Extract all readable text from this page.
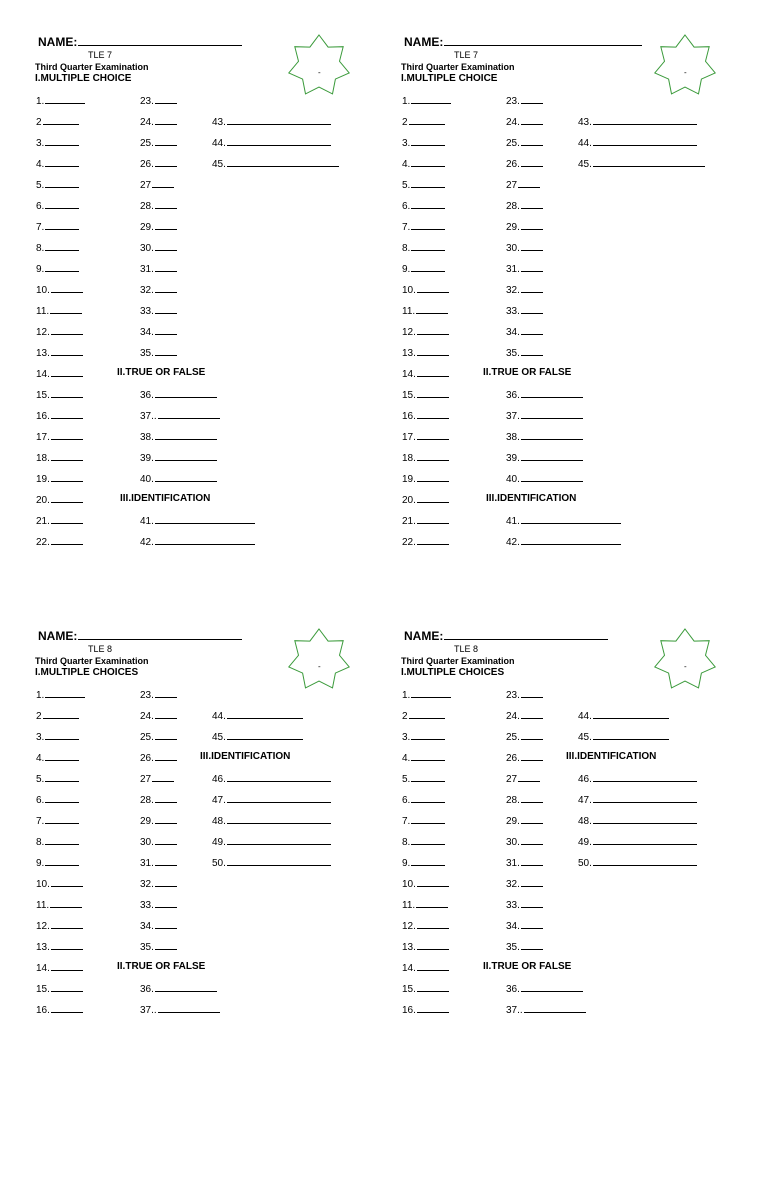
NAME:
TLE 7
Third Quarter Examination
I.MULTIPLE CHOICE
-
1.
2
3.
4.
5.
6.
7.
8.
9.
10.
11.
12.
13.
14.
15.
16.
17.
18.
19.
20.
21.
22.
23.
24.
25.
26.
27
28.
29.
30.
31.
32.
33.
34.
35.
II.TRUE OR FALSE
36.
37..
38.
39.
40.
III.IDENTIFICATION
41.
42.
43.
44.
45.
NAME:
TLE 7
Third Quarter Examination
I.MULTIPLE CHOICE
-
1.
2
3.
4.
5.
6.
7.
8.
9.
10.
11.
12.
13.
14.
15.
16.
17.
18.
19.
20.
21.
22.
23.
24.
25.
26.
27
28.
29.
30.
31.
32.
33.
34.
35.
II.TRUE OR FALSE
36.
37.
38.
39.
40.
III.IDENTIFICATION
41.
42.
43.
44.
45.
NAME:
TLE 8
Third Quarter Examination
I.MULTIPLE CHOICES
-
1.
2
3.
4.
5.
6.
7.
8.
9.
10.
11.
12.
13.
14.
15.
16.
23.
24.
25.
26.
27
28.
29.
30.
31.
32.
33.
34.
35.
II.TRUE OR FALSE
36.
37..
44.
45.
III.IDENTIFICATION
46.
47.
48.
49.
50.
NAME:
TLE 8
Third Quarter Examination
I.MULTIPLE CHOICES
-
1.
2
3.
4.
5.
6.
7.
8.
9.
10.
11.
12.
13.
14.
15.
16.
23.
24.
25.
26.
27
28.
29.
30.
31.
32.
33.
34.
35.
II.TRUE OR FALSE
36.
37..
44.
45.
III.IDENTIFICATION
46.
47.
48.
49.
50.
